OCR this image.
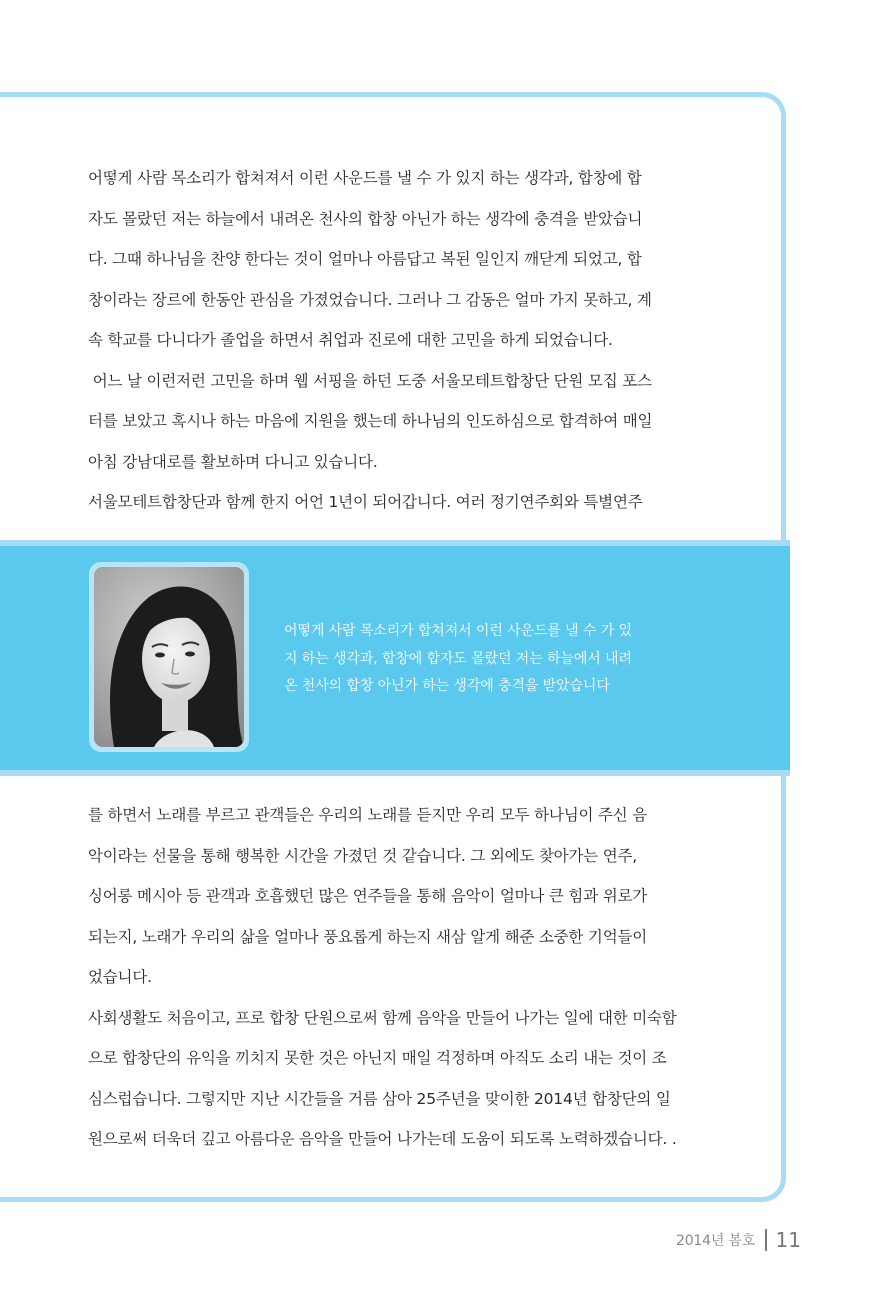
어떻게 사람 목소리가 합쳐져서 이런 사운드를 낼 수 가 있지 하는 생각과, 합창에 합

자도 몰랐던 저는 하늘에서 내려온 천사의 합창 아닌가 하는 생각에 충격을 받았습니

다. 그때 하나님을 찬양 한다는 것이 얼마나 아름답고 복된 일인지 깨닫게 되었고, 합

창이라는 장르에 한동안 관심을 가졌었습니다. 그러나 그 감동은 얼마 가지 못하고, 계

속 학교를 다니다가 졸업을 하면서 취업과 진로에 대한 고민을 하게 되었습니다.

어느 날 이런저런 고민을 하며 웹 서핑을 하던 도중 서울모테트합창단 단원 모집 포스

터를 보았고 혹시나 하는 마음에 지원을 했는데 하나님의 인도하심으로 합격하여 매일

아침 강남대로를 활보하며 다니고 있습니다.

서울모테트합창단과 함께 한지 어언 1년이 되어갑니다. 여러 정기연주회와 특별연주

어떻게 사람 목소리가 합쳐져서 이런 사운드를 낼 수 가 있

지 하는 생각과, 합창에 합자도 몰랐던 저는 하늘에서 내려

온 천사의 합창 아닌가 하는 생각에 충격을 받았습니다

를 하면서 노래를 부르고 관객들은 우리의 노래를 듣지만 우리 모두 하나님이 주신 음

악이라는 선물을 통해 행복한 시간을 가졌던 것 같습니다. 그 외에도 찾아가는 연주,

싱어롱 메시아 등 관객과 호흡했던 많은 연주들을 통해 음악이 얼마나 큰 힘과 위로가

되는지, 노래가 우리의 삶을 얼마나 풍요롭게 하는지 새삼 알게 해준 소중한 기억들이

었습니다.

사회생활도 처음이고, 프로 합창 단원으로써 함께 음악을 만들어 나가는 일에 대한 미숙함

으로 합창단의 유익을 끼치지 못한 것은 아닌지 매일 걱정하며 아직도 소리 내는 것이 조

심스럽습니다. 그렇지만 지난 시간들을 거름 삼아 25주년을 맞이한 2014년 합창단의 일

원으로써 더욱더 깊고 아름다운 음악을 만들어 나가는데 도움이 되도록 노력하겠습니다. .

2014년 봄호 11
